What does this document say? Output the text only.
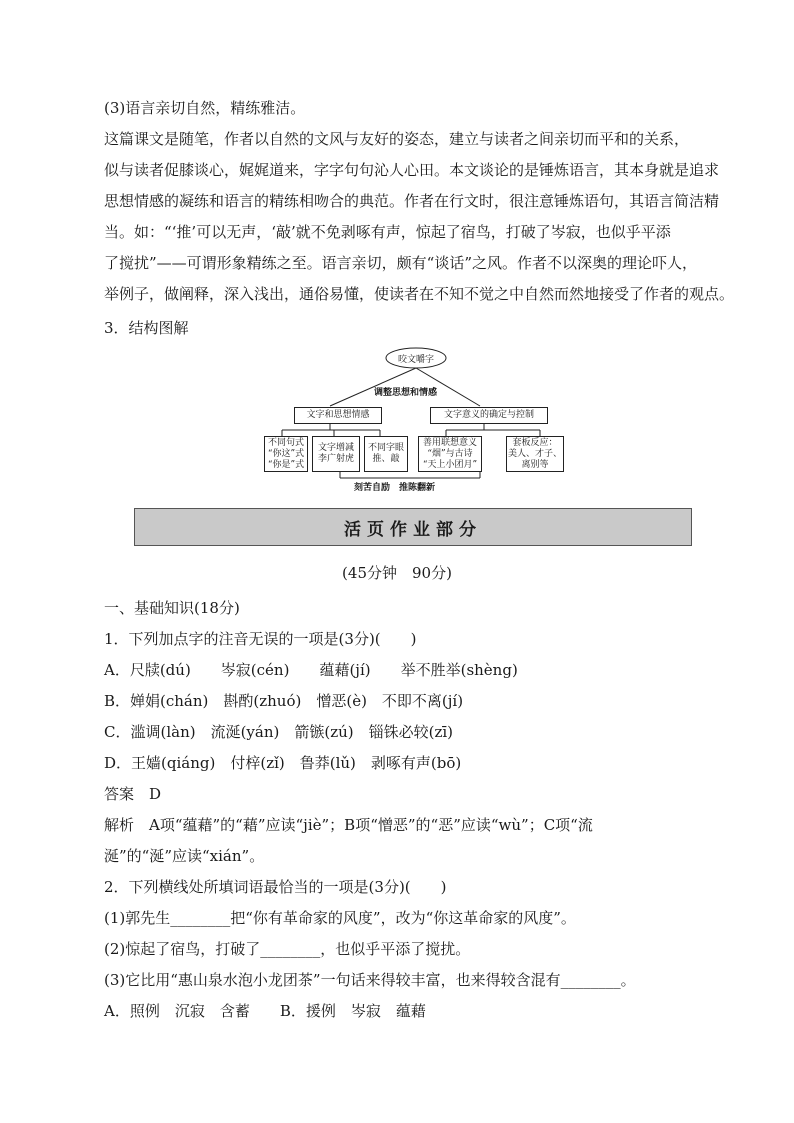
(3)语言亲切自然，精练雅洁。
这篇课文是随笔，作者以自然的文风与友好的姿态，建立与读者之间亲切而平和的关系，
似与读者促膝谈心，娓娓道来，字字句句沁人心田。本文谈论的是锤炼语言，其本身就是追求
思想情感的凝练和语言的精练相吻合的典范。作者在行文时，很注意锤炼语句，其语言简洁精
当。如：“‘推’可以无声，‘敲’就不免剥啄有声，惊起了宿鸟，打破了岑寂，也似乎平添
了搅扰”——可谓形象精练之至。语言亲切，颇有“谈话”之风。作者不以深奥的理论吓人，
举例子，做阐释，深入浅出，通俗易懂，使读者在不知不觉之中自然而然地接受了作者的观点。
3．结构图解
咬文嚼字
调整思想和情感
文字和思想情感	文字意义的确定与控制
不同句式
“你这”式
“你是”式
文字增减
李广射虎
不同字眼
推、敲
善用联想意义
“烟”与古诗
“天上小团月”
套板反应：
美人、才子、
离别等
刻苦自励　推陈翻新
活页作业部分
(45分钟　90分)
一、基础知识(18分)
1．下列加点字的注音无误的一项是(3分)(　　)
A．尺牍(dú)　　岑寂(cén)　　蕴藉(jí)　　举不胜举(shèng)
B．婵娟(chán)　斟酌(zhuó)　憎恶(è)　不即不离(jí)
C．滥调(làn)　流涎(yán)　箭镞(zú)　锱铢必较(zī)
D．王嫱(qiáng)　付梓(zǐ)　鲁莽(lǔ)　剥啄有声(bō)
答案　D
解析　A项“蕴藉”的“藉”应读“jiè”；B项“憎恶”的“恶”应读“wù”；C项“流
涎”的“涎”应读“xián”。
2．下列横线处所填词语最恰当的一项是(3分)(　　)
(1)郭先生________把“你有革命家的风度”，改为“你这革命家的风度”。
(2)惊起了宿鸟，打破了________，也似乎平添了搅扰。
(3)它比用“惠山泉水泡小龙团茶”一句话来得较丰富，也来得较含混有________。
A．照例　沉寂　含蓄　　B．援例　岑寂　蕴藉
